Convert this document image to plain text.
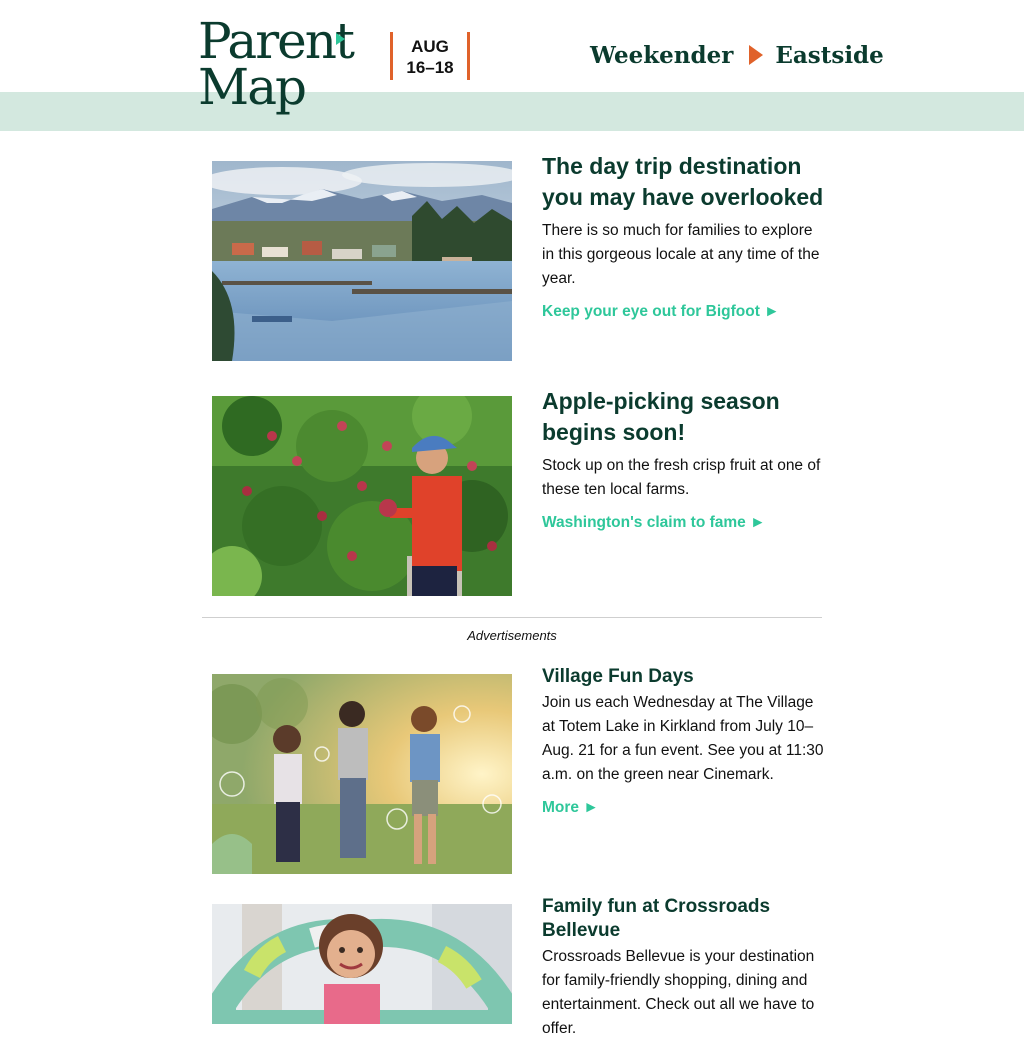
Parent
Map
AUG
16–18	Weekender Eastside
The day trip destination you may have overlooked

There is so much for families to explore in this gorgeous locale at any time of the year.

Keep your eye out for Bigfoot ►
Apple-picking season begins soon!

Stock up on the fresh crisp fruit at one of these ten local farms.

Washington's claim to fame ►
Advertisements
Village Fun Days

Join us each Wednesday at The Village at Totem Lake in Kirkland from July 10–Aug. 21 for a fun event. See you at 11:30 a.m. on the green near Cinemark.

More ►
Family fun at Crossroads Bellevue

Crossroads Bellevue is your destination for family-friendly shopping, dining and entertainment. Check out all we have to offer.
